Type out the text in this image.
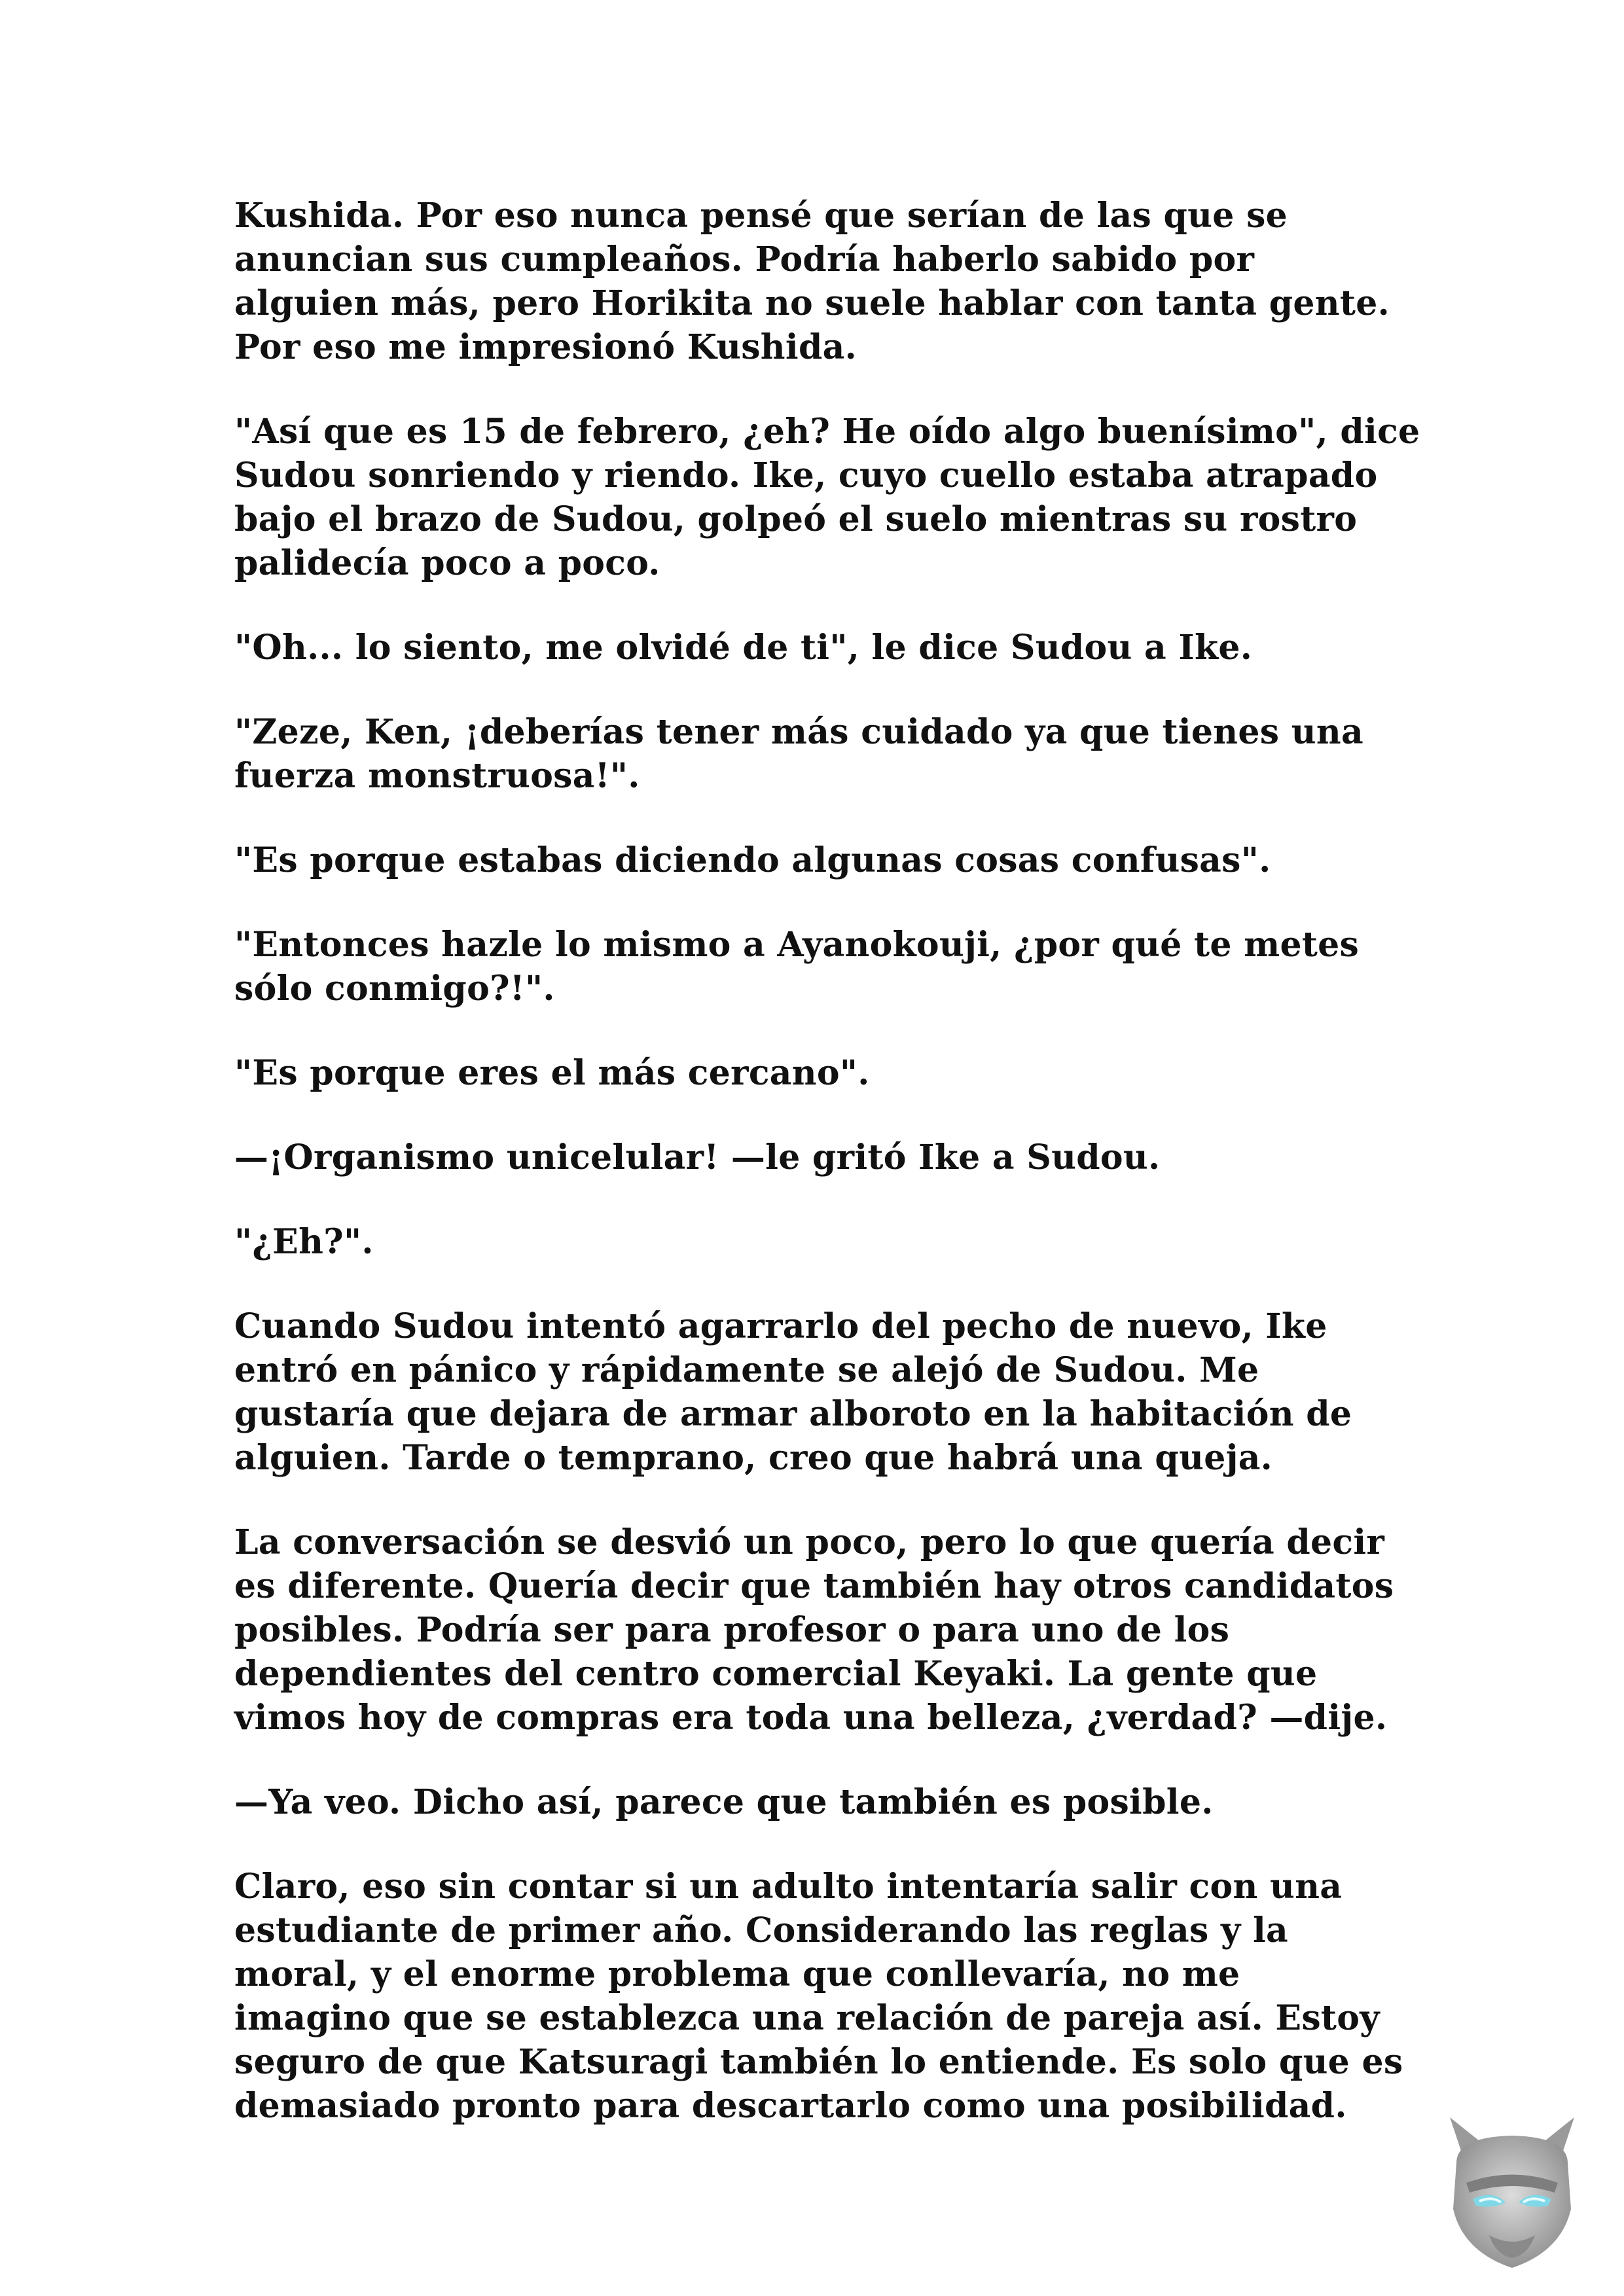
Kushida. Por eso nunca pensé que serían de las que se
anuncian sus cumpleaños. Podría haberlo sabido por
alguien más, pero Horikita no suele hablar con tanta gente.
Por eso me impresionó Kushida.

"Así que es 15 de febrero, ¿eh? He oído algo buenísimo", dice
Sudou sonriendo y riendo. Ike, cuyo cuello estaba atrapado
bajo el brazo de Sudou, golpeó el suelo mientras su rostro
palidecía poco a poco.

"Oh... lo siento, me olvidé de ti", le dice Sudou a Ike.

"Zeze, Ken, ¡deberías tener más cuidado ya que tienes una
fuerza monstruosa!".

"Es porque estabas diciendo algunas cosas confusas".

"Entonces hazle lo mismo a Ayanokouji, ¿por qué te metes
sólo conmigo?!".

"Es porque eres el más cercano".

—¡Organismo unicelular! —le gritó Ike a Sudou.

"¿Eh?".

Cuando Sudou intentó agarrarlo del pecho de nuevo, Ike
entró en pánico y rápidamente se alejó de Sudou. Me
gustaría que dejara de armar alboroto en la habitación de
alguien. Tarde o temprano, creo que habrá una queja.

La conversación se desvió un poco, pero lo que quería decir
es diferente. Quería decir que también hay otros candidatos
posibles. Podría ser para profesor o para uno de los
dependientes del centro comercial Keyaki. La gente que
vimos hoy de compras era toda una belleza, ¿verdad? —dije.

—Ya veo. Dicho así, parece que también es posible.

Claro, eso sin contar si un adulto intentaría salir con una
estudiante de primer año. Considerando las reglas y la
moral, y el enorme problema que conllevaría, no me
imagino que se establezca una relación de pareja así. Estoy
seguro de que Katsuragi también lo entiende. Es solo que es
demasiado pronto para descartarlo como una posibilidad.
